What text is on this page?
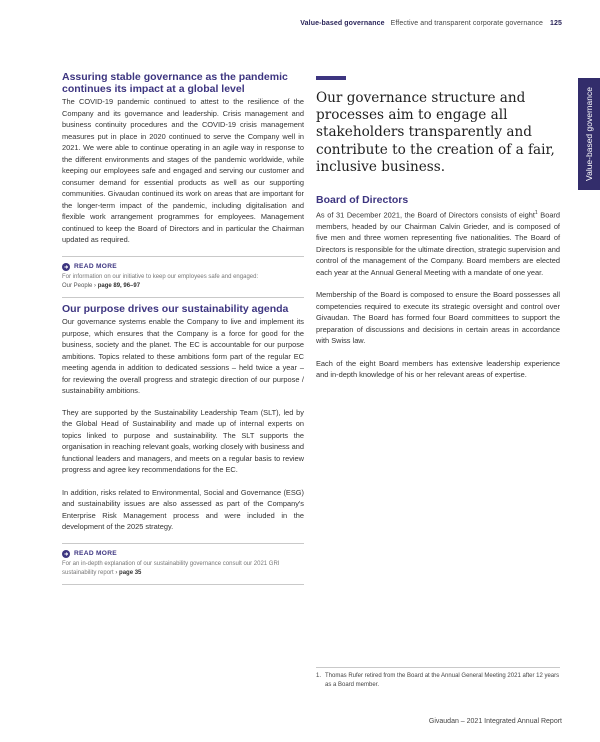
Value-based governance Effective and transparent corporate governance 125
Value-based governance
Assuring stable governance as the pandemic continues its impact at a global level

The COVID-19 pandemic continued to attest to the resilience of the Company and its governance and leadership. Crisis management and business continuity procedures and the COVID-19 crisis management measures put in place in 2020 continued to serve the Company well in 2021. We were able to continue operating in an agile way in response to the different environments and stages of the pandemic worldwide, while keeping our employees safe and engaged and serving our customer and consumer demand for essential products as well as our supporting communities. Givaudan continued its work on areas that are important for the longer-term impact of the pandemic, including digitalisation and flexible work arrangement programmes for employees. Management continued to keep the Board of Directors and in particular the Chairman updated as required.

READ MORE
For information on our initiative to keep our employees safe and engaged:
Our People › page 89, 96–97
Our purpose drives our sustainability agenda

Our governance systems enable the Company to live and implement its purpose, which ensures that the Company is a force for good for the business, society and the planet. The EC is accountable for our purpose ambitions. Topics related to these ambitions form part of the regular EC meeting agenda in addition to dedicated sessions – held twice a year – for reviewing the overall progress and strategic direction of our purpose / sustainability ambitions.

They are supported by the Sustainability Leadership Team (SLT), led by the Global Head of Sustainability and made up of internal experts on topics linked to purpose and sustainability. The SLT supports the organisation in reaching relevant goals, working closely with business and functional leaders and managers, and meets on a regular basis to review progress and agree key recommendations for the EC.

In addition, risks related to Environmental, Social and Governance (ESG) and sustainability issues are also assessed as part of the Company's Enterprise Risk Management process and were included in the development of the 2025 strategy.

READ MORE
For an in-depth explanation of our sustainability governance consult our 2021 GRI sustainability report › page 35

Our governance structure and processes aim to engage all stakeholders transparently and contribute to the creation of a fair, inclusive business.

Board of Directors

As of 31 December 2021, the Board of Directors consists of eight$^1$ Board members, headed by our Chairman Calvin Grieder, and is composed of five men and three women representing five nationalities. The Board of Directors is responsible for the ultimate direction, strategic supervision and control of the management of the Company. Board members are elected each year at the Annual General Meeting with a mandate of one year.

Membership of the Board is composed to ensure the Board possesses all competencies required to execute its strategic oversight and control over Givaudan. The Board has formed four Board committees to support the preparation of discussions and decisions in certain areas in accordance with Swiss law.

Each of the eight Board members has extensive leadership experience and in-depth knowledge of his or her relevant areas of expertise.

1. Thomas Rufer retired from the Board at the Annual General Meeting 2021 after 12 years as a Board member.
Givaudan – 2021 Integrated Annual Report
